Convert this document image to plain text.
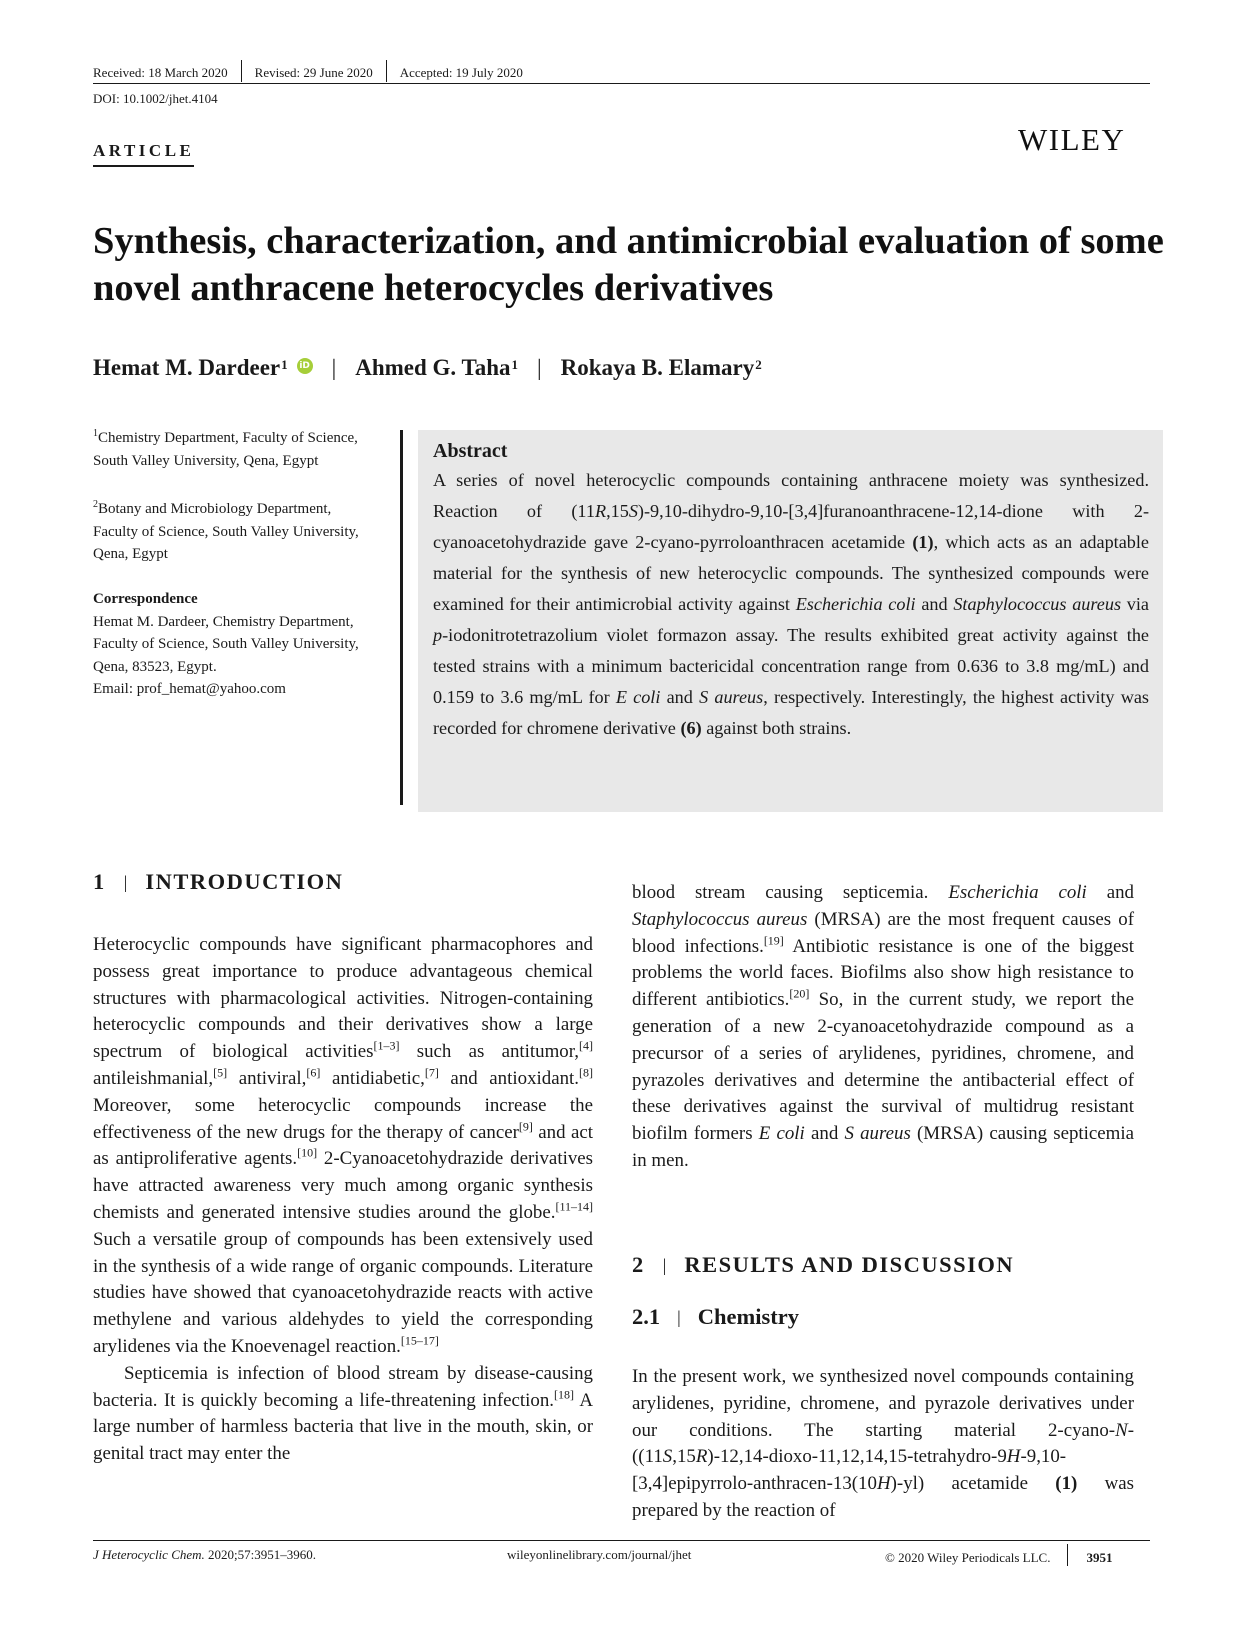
Received: 18 March 2020 Revised: 29 June 2020 Accepted: 19 July 2020
DOI: 10.1002/jhet.4104
ARTICLE	WILEY
Synthesis, characterization, and antimicrobial evaluation of some novel anthracene heterocycles derivatives
Hemat M. Dardeer$^1$	iD | Ahmed G. Taha$^1$ | Rokaya B. Elamary$^2$
$^1$Chemistry Department, Faculty of Science, South Valley University, Qena, Egypt
$^2$Botany and Microbiology Department, Faculty of Science, South Valley University, Qena, Egypt
Correspondence
Hemat M. Dardeer, Chemistry Department, Faculty of Science, South Valley University, Qena, 83523, Egypt.
Email: prof_hemat@yahoo.com
Abstract

A series of novel heterocyclic compounds containing anthracene moiety was synthesized. Reaction of (11R,15S)-9,10-dihydro-9,10-[3,4]furanoanthracene-12,14-dione with 2-cyanoacetohydrazide gave 2-cyano-pyrroloanthracen acetamide (1), which acts as an adaptable material for the synthesis of new heterocyclic compounds. The synthesized compounds were examined for their antimicrobial activity against Escherichia coli and Staphylococcus aureus via p-iodonitrotetrazolium violet formazon assay. The results exhibited great activity against the tested strains with a minimum bactericidal concentration range from 0.636 to 3.8 mg/mL) and 0.159 to 3.6 mg/mL for E coli and S aureus, respectively. Interestingly, the highest activity was recorded for chromene derivative (6) against both strains.

1 | INTRODUCTION

Heterocyclic compounds have significant pharmacophores and possess great importance to produce advantageous chemical structures with pharmacological activities. Nitrogen-containing heterocyclic compounds and their derivatives show a large spectrum of biological activities[1–3] such as antitumor,[4] antileishmanial,[5] antiviral,[6] antidiabetic,[7] and antioxidant.[8] Moreover, some heterocyclic compounds increase the effectiveness of the new drugs for the therapy of cancer[9] and act as antiproliferative agents.[10] 2-Cyanoacetohydrazide derivatives have attracted awareness very much among organic synthesis chemists and generated intensive studies around the globe.[11–14] Such a versatile group of compounds has been extensively used in the synthesis of a wide range of organic compounds. Literature studies have showed that cyanoacetohydrazide reacts with active methylene and various aldehydes to yield the corresponding arylidenes via the Knoevenagel reaction.[15–17]

Septicemia is infection of blood stream by disease-causing bacteria. It is quickly becoming a life-threatening infection.[18] A large number of harmless bacteria that live in the mouth, skin, or genital tract may enter the

blood stream causing septicemia. Escherichia coli and Staphylococcus aureus (MRSA) are the most frequent causes of blood infections.[19] Antibiotic resistance is one of the biggest problems the world faces. Biofilms also show high resistance to different antibiotics.[20] So, in the current study, we report the generation of a new 2-cyanoacetohydrazide compound as a precursor of a series of arylidenes, pyridines, chromene, and pyrazoles derivatives and determine the antibacterial effect of these derivatives against the survival of multidrug resistant biofilm formers E coli and S aureus (MRSA) causing septicemia in men.

2 | RESULTS AND DISCUSSION
2.1 | Chemistry

In the present work, we synthesized novel compounds containing arylidenes, pyridine, chromene, and pyrazole derivatives under our conditions. The starting material 2-cyano-N-((11S,15R)-12,14-dioxo-11,12,14,15-tetrahydro-9H-9,10-[3,4]epipyrrolo-anthracen-13(10H)-yl) acetamide (1) was prepared by the reaction of

J Heterocyclic Chem. 2020;57:3951–3960.	wileyonlinelibrary.com/journal/jhet	© 2020 Wiley Periodicals LLC.	3951
